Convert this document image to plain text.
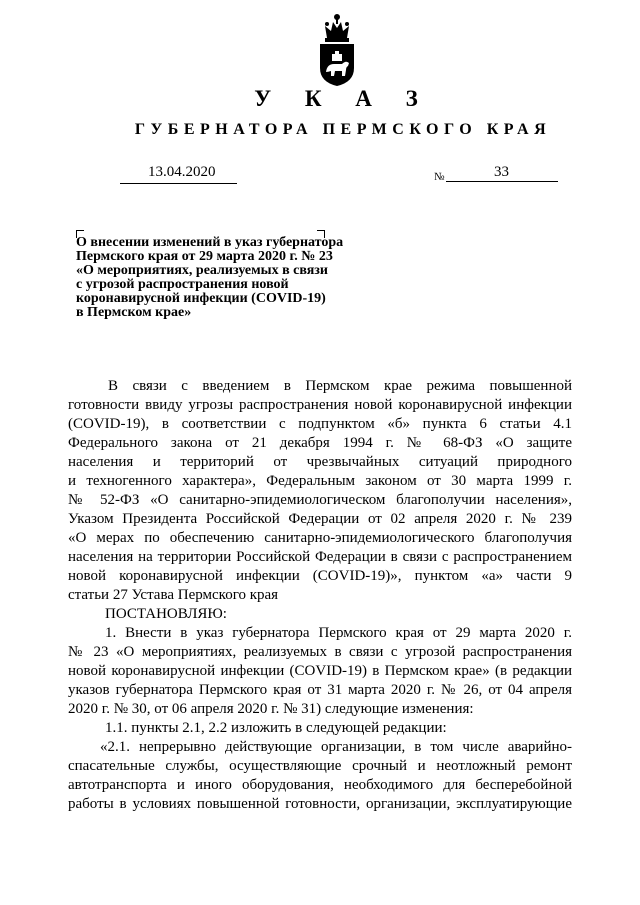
У К А З
ГУБЕРНАТОРА ПЕРМСКОГО КРАЯ
13.04.2020	№	33
О внесении изменений в указ губернатора
Пермского края от 29 марта 2020 г. № 23
«О мероприятиях, реализуемых в связи
с угрозой распространения новой
коронавирусной инфекции (COVID-19)
в Пермском крае»
В связи с введением в Пермском крае режима повышенной
готовности ввиду угрозы распространения новой коронавирусной инфекции
(COVID-19), в соответствии с подпунктом «б» пункта 6 статьи 4.1
Федерального закона от 21 декабря 1994 г. № 68-ФЗ «О защите
населения и территорий от чрезвычайных ситуаций природного
и техногенного характера», Федеральным законом от 30 марта 1999 г.
№ 52-ФЗ «О санитарно-эпидемиологическом благополучии населения»,
Указом Президента Российской Федерации от 02 апреля 2020 г. № 239
«О мерах по обеспечению санитарно-эпидемиологического благополучия
населения на территории Российской Федерации в связи с распространением
новой коронавирусной инфекции (COVID-19)», пунктом «а» части 9
статьи 27 Устава Пермского края
ПОСТАНОВЛЯЮ:
1. Внести в указ губернатора Пермского края от 29 марта 2020 г.
№ 23 «О мероприятиях, реализуемых в связи с угрозой распространения
новой коронавирусной инфекции (COVID-19) в Пермском крае» (в редакции
указов губернатора Пермского края от 31 марта 2020 г. № 26, от 04 апреля
2020 г. № 30, от 06 апреля 2020 г. № 31) следующие изменения:
1.1. пункты 2.1, 2.2 изложить в следующей редакции:
«2.1. непрерывно действующие организации, в том числе аварийно-
спасательные службы, осуществляющие срочный и неотложный ремонт
автотранспорта и иного оборудования, необходимого для бесперебойной
работы в условиях повышенной готовности, организации, эксплуатирующие
